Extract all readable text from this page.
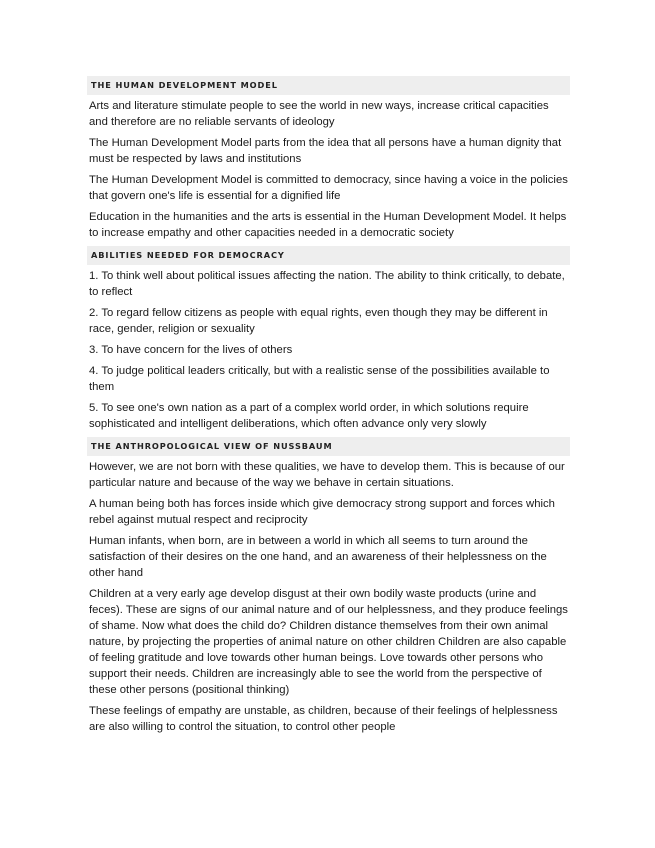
THE HUMAN DEVELOPMENT MODEL

Arts and literature stimulate people to see the world in new ways, increase critical capacities and therefore are no reliable servants of ideology

The Human Development Model parts from the idea that all persons have a human dignity that must be respected by laws and institutions

The Human Development Model is committed to democracy, since having a voice in the policies that govern one's life is essential for a dignified life

Education in the humanities and the arts is essential in the Human Development Model. It helps to increase empathy and other capacities needed in a democratic society

ABILITIES NEEDED FOR DEMOCRACY

1. To think well about political issues affecting the nation. The ability to think critically, to debate, to reflect

2. To regard fellow citizens as people with equal rights, even though they may be different in race, gender, religion or sexuality

3. To have concern for the lives of others

4. To judge political leaders critically, but with a realistic sense of the possibilities available to them

5. To see one's own nation as a part of a complex world order, in which solutions require sophisticated and intelligent deliberations, which often advance only very slowly

THE ANTHROPOLOGICAL VIEW OF NUSSBAUM

However, we are not born with these qualities, we have to develop them. This is because of our particular nature and because of the way we behave in certain situations.

A human being both has forces inside which give democracy strong support and forces which rebel against mutual respect and reciprocity

Human infants, when born, are in between a world in which all seems to turn around the satisfaction of their desires on the one hand, and an awareness of their helplessness on the other hand

Children at a very early age develop disgust at their own bodily waste products (urine and feces). These are signs of our animal nature and of our helplessness, and they produce feelings of shame. Now what does the child do? Children distance themselves from their own animal nature, by projecting the properties of animal nature on other children Children are also capable of feeling gratitude and love towards other human beings. Love towards other persons who support their needs. Children are increasingly able to see the world from the perspective of these other persons (positional thinking)

These feelings of empathy are unstable, as children, because of their feelings of helplessness are also willing to control the situation, to control other people
